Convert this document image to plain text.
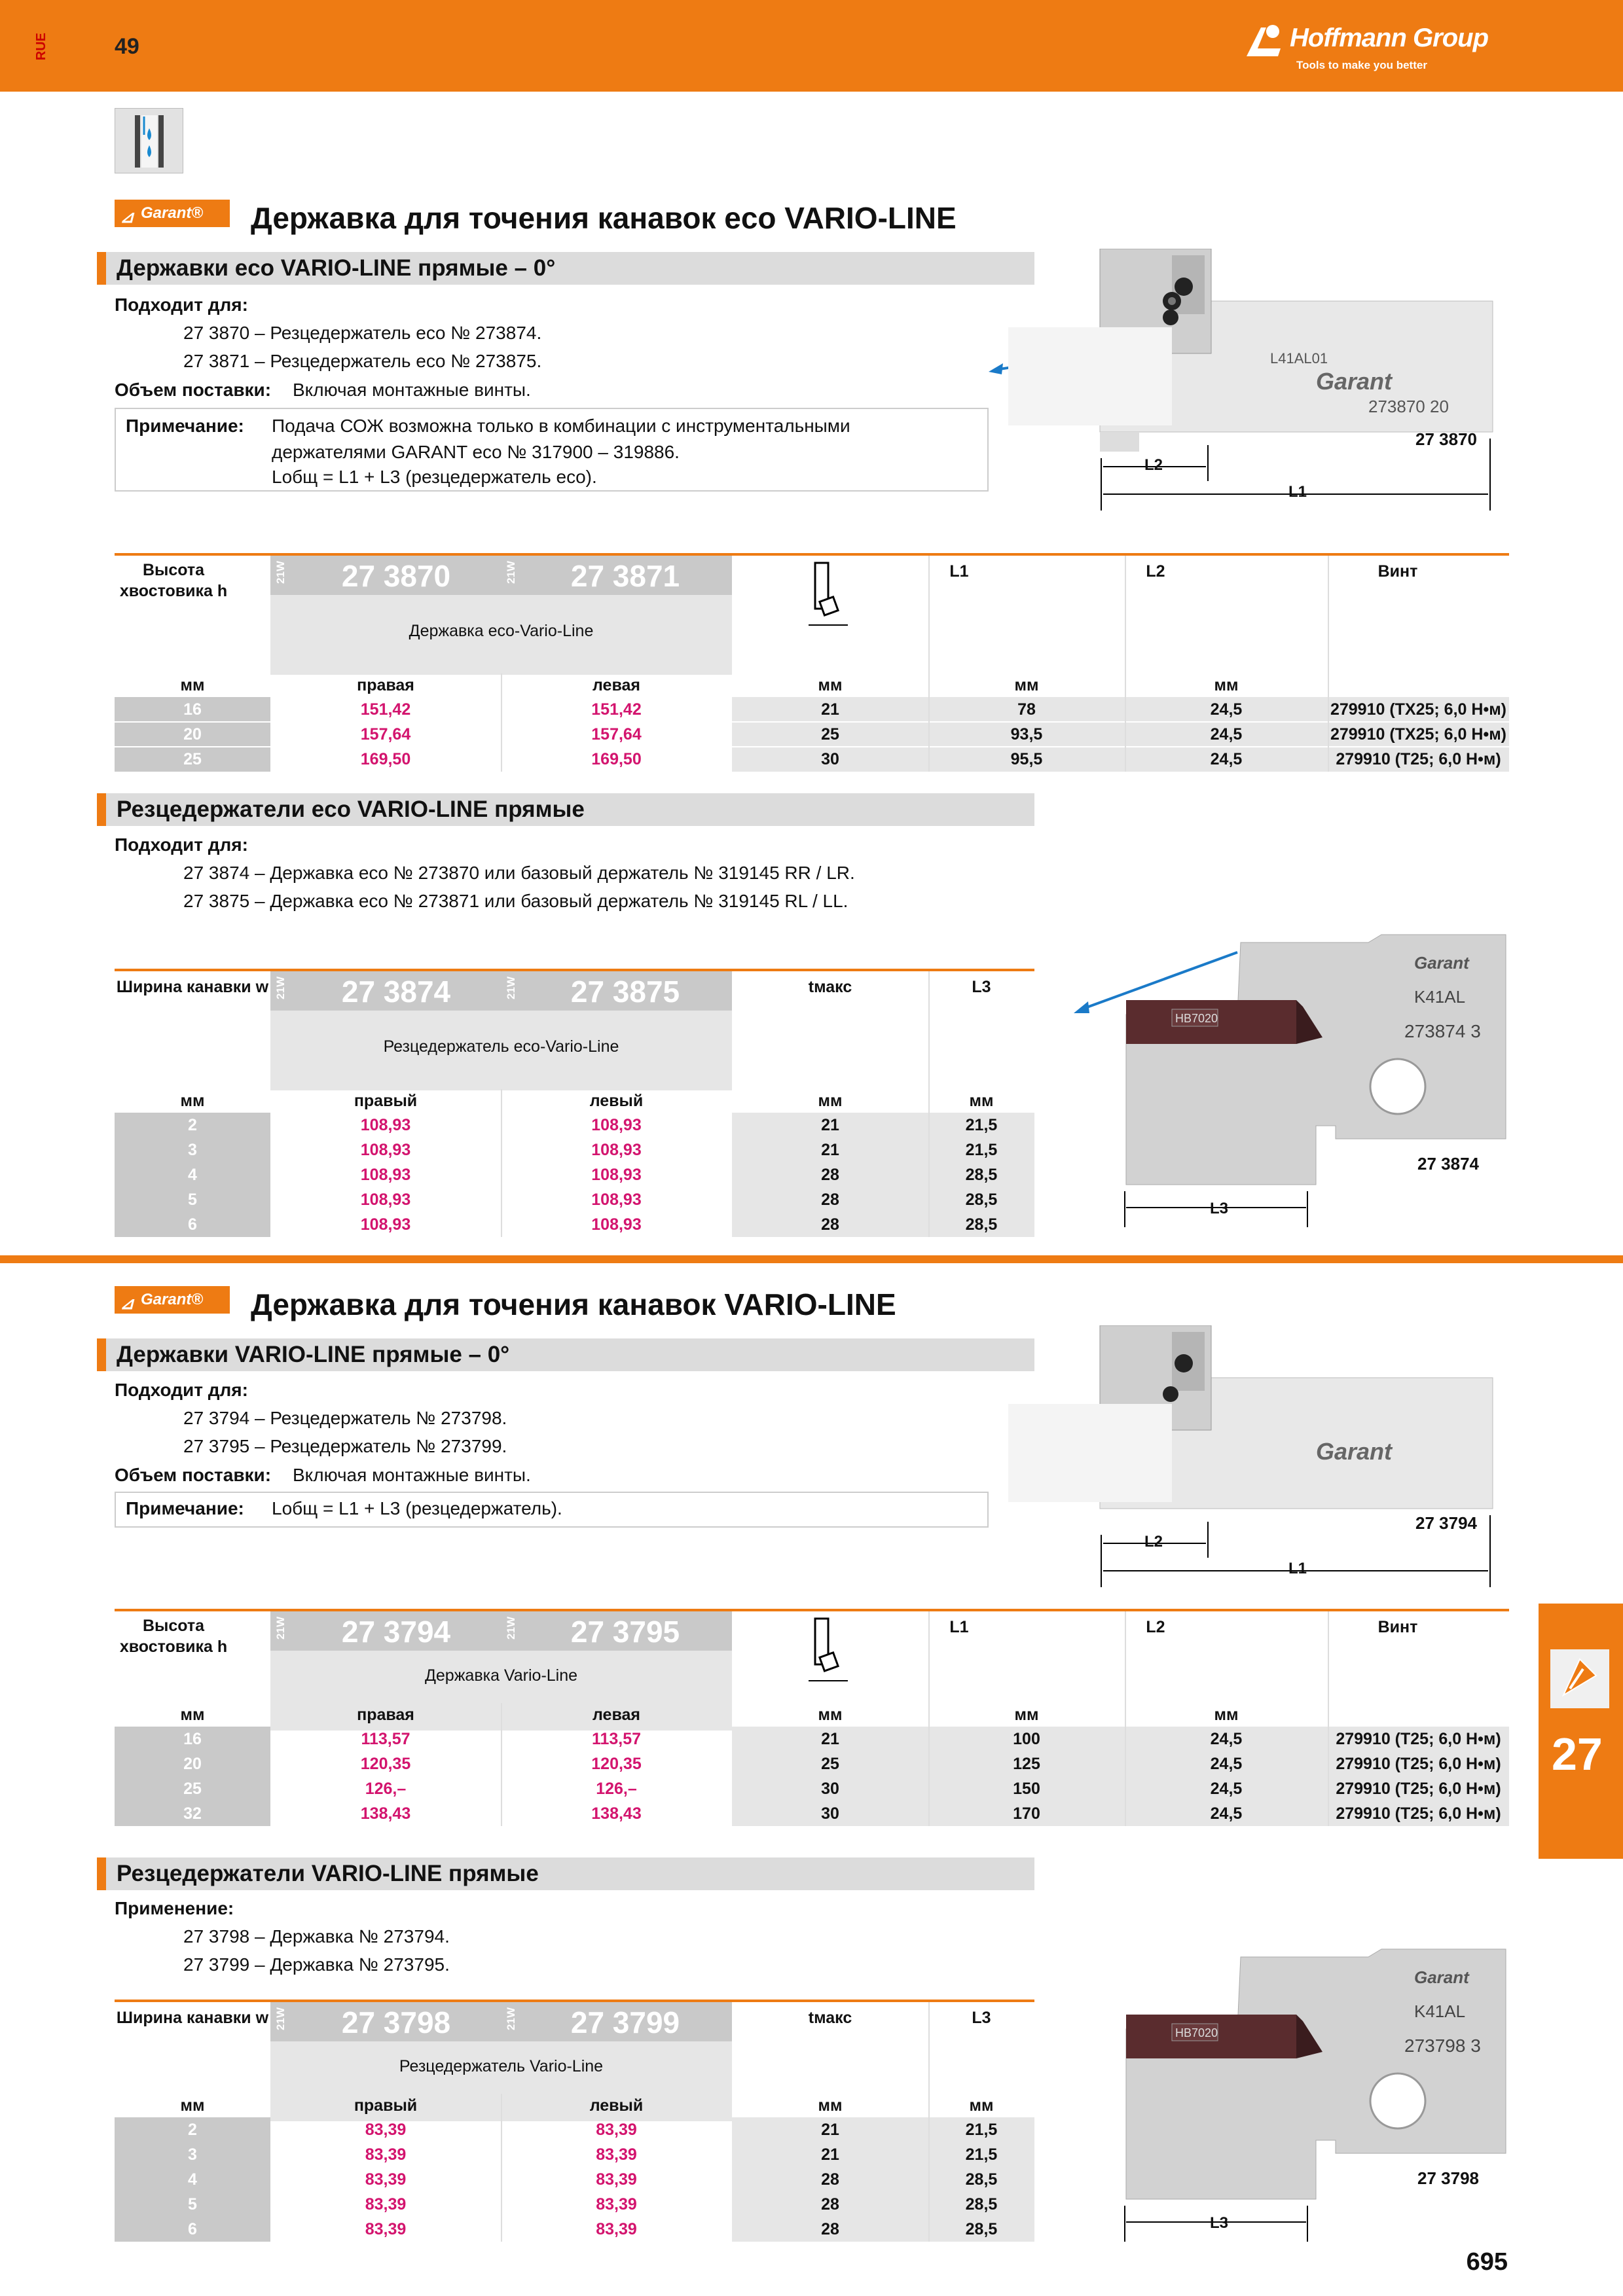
RUE	49	Hoffmann Group
Tools to make you better
⊿ Garant®	Державка для точения канавок eco VARIO-LINE
Державки eco VARIO-LINE прямые – 0°
Подходит для:
27 3870 – Резцедержатель eco № 273874.
27 3871 – Резцедержатель eco № 273875.
Объем поставки: Включая монтажные винты.
Примечание: Подача СОЖ возможна только в комбинации с инструментальными
держателями GARANT eco № 317900 – 319886.
Lобщ = L1 + L3 (резцедержатель eco).
L41AL01
Garant
273870 20
L2
L1
27 3870
21W	21W
27 3870	27 3871
Державка eco-Vario-Line
Высота хвостовика h
L1	L2	Винт
мм	правая	левая	мм	мм	мм
16	151,42	151,42	21	78	24,5	279910 (TX25; 6,0 Н•м)
20	157,64	157,64	25	93,5	24,5	279910 (TX25; 6,0 Н•м)
25	169,50	169,50	30	95,5	24,5	279910 (T25; 6,0 Н•м)
Резцедержатели eco VARIO-LINE прямые
Подходит для:
27 3874 – Державка eco № 273870 или базовый держатель № 319145 RR / LR.
27 3875 – Державка eco № 273871 или базовый держатель № 319145 RL / LL.
HB7020
Garant
K41AL
273874 3
L3
27 3874
21W	21W
27 3874	27 3875
Резцедержатель eco-Vario-Line
Ширина канавки w	tмакс	L3
мм	правый	левый	мм	мм
2	108,93	108,93	21	21,5
3	108,93	108,93	21	21,5
4	108,93	108,93	28	28,5
5	108,93	108,93	28	28,5
6	108,93	108,93	28	28,5
⊿ Garant®	Державка для точения канавок VARIO-LINE
Державки VARIO-LINE прямые – 0°
Подходит для:
27 3794 – Резцедержатель № 273798.
27 3795 – Резцедержатель № 273799.
Объем поставки: Включая монтажные винты.
Примечание: Lобщ = L1 + L3 (резцедержатель).
Garant
L2
L1
27 3794
21W	21W
27 3794	27 3795
Державка Vario-Line
Высота хвостовика h
L1	L2	Винт
мм	правая	левая	мм	мм	мм
16	113,57	113,57	21	100	24,5	279910 (T25; 6,0 Н•м)
20	120,35	120,35	25	125	24,5	279910 (T25; 6,0 Н•м)
25	126,–	126,–	30	150	24,5	279910 (T25; 6,0 Н•м)
32	138,43	138,43	30	170	24,5	279910 (T25; 6,0 Н•м)
Резцедержатели VARIO-LINE прямые
Применение:
27 3798 – Державка № 273794.
27 3799 – Державка № 273795.
HB7020
Garant
K41AL
273798 3
L3
27 3798
21W	21W
27 3798	27 3799
Резцедержатель Vario-Line
Ширина канавки w	tмакс	L3
мм	правый	левый	мм	мм
2	83,39	83,39	21	21,5
3	83,39	83,39	21	21,5
4	83,39	83,39	28	28,5
5	83,39	83,39	28	28,5
6	83,39	83,39	28	28,5
27
695
